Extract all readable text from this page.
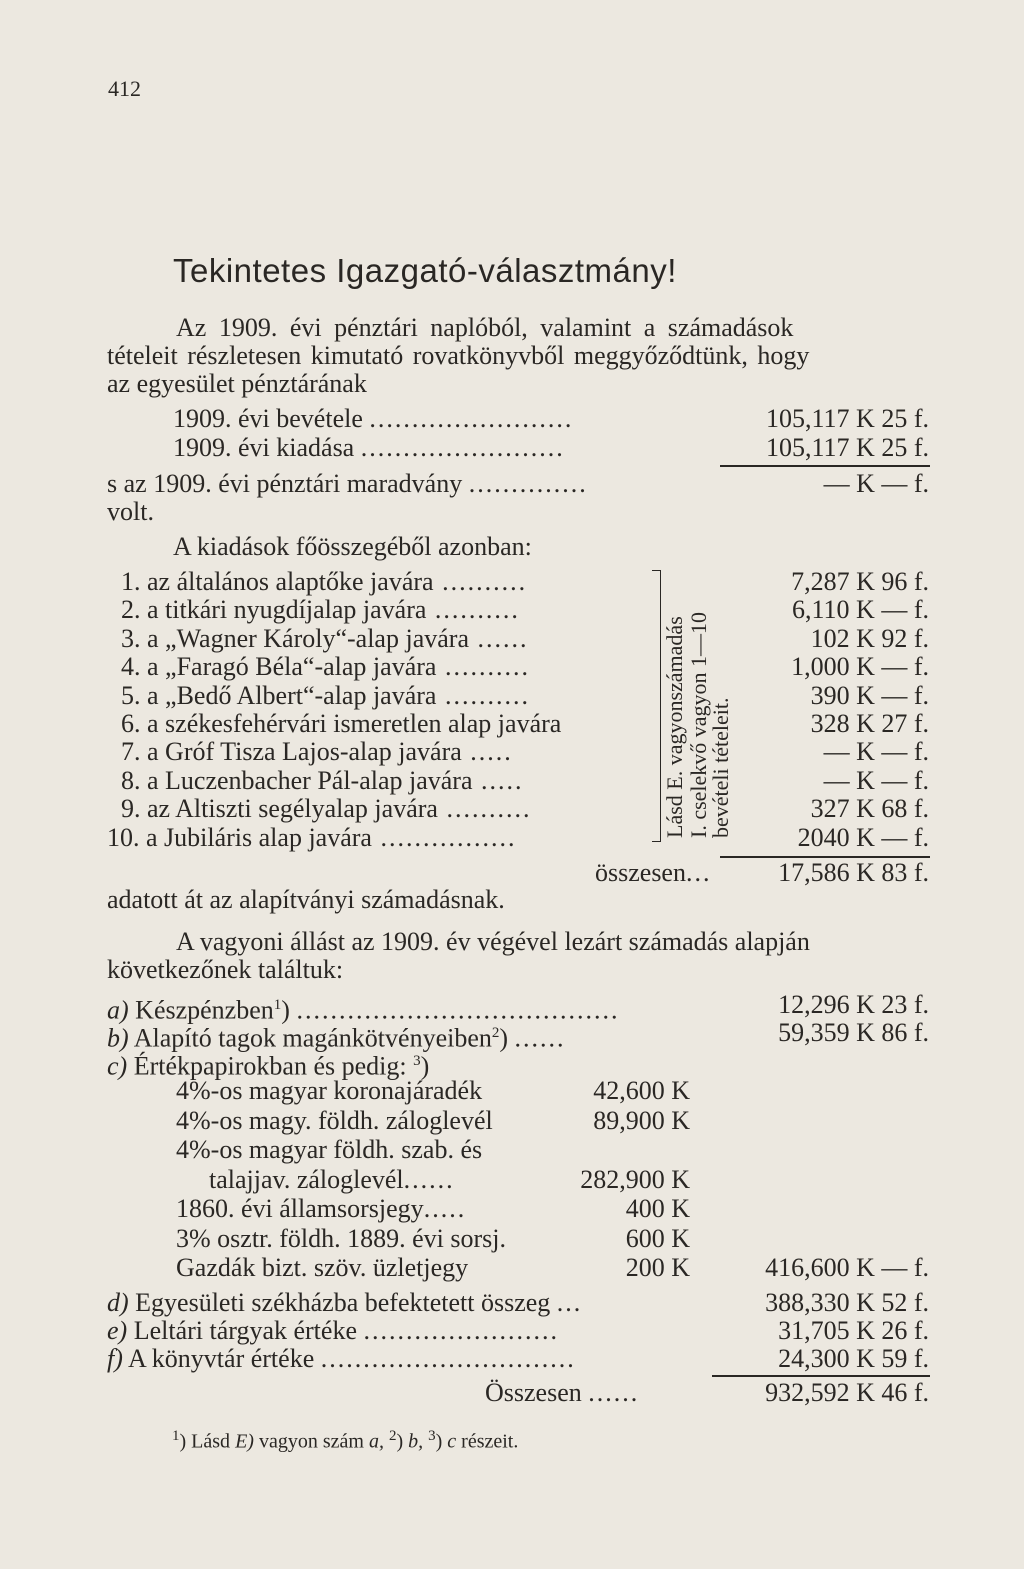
412
Tekintetes Igazgató-választmány!
Az 1909. évi pénztári naplóból, valamint a számadások
tételeit részletesen kimutató rovatkönyvből meggyőződtünk, hogy
az egyesület pénztárának
1909. évi bevétele ........................	105,117 K 25 f.
1909. évi kiadása ........................	105,117 K 25 f.
s az 1909. évi pénztári maradvány ..............	— K — f.
volt.
A kiadások főösszegéből azonban:
1. az általános alaptőke javára ..........	7,287 K 96 f.
2. a titkári nyugdíjalap javára ..........	6,110 K — f.
3. a „Wagner Károly“-alap javára ......	102 K 92 f.
4. a „Faragó Béla“-alap javára ..........	1,000 K — f.
5. a „Bedő Albert“-alap javára ..........	390 K — f.
6. a székesfehérvári ismeretlen alap javára	328 K 27 f.
7. a Gróf Tisza Lajos-alap javára .....	— K — f.
8. a Luczenbacher Pál-alap javára .....	— K — f.
9. az Altiszti segélyalap javára ..........	327 K 68 f.
10. a Jubiláris alap javára ................	2040 K — f.
Lásd E. vagyonszámadás I. cselekvő vagyon 1—10
bevételi tételeit.
összesen...	17,586 K 83 f.
adatott át az alapítványi számadásnak.
A vagyoni állást az 1909. év végével lezárt számadás alapján
következőnek találtuk:
a) Készpénzben$^1$) ......................................	12,296 K 23 f.
b) Alapító tagok magánkötvényeiben$^2$) ......	59,359 K 86 f.
c) Értékpapirokban és pedig: $^3$)
4%-os magyar koronajáradék	42,600 K
4%-os magy. földh. záloglevél	89,900 K
4%-os magyar földh. szab. és
talajjav. záloglevél......	282,900 K
1860. évi államsorsjegy.....	400 K
3% osztr. földh. 1889. évi sorsj.	600 K
Gazdák bizt. szöv. üzletjegy	200 K	416,600 K — f.
d) Egyesületi székházba befektetett összeg ...	388,330 K 52 f.
e) Leltári tárgyak értéke .......................	31,705 K 26 f.
f) A könyvtár értéke ..............................	24,300 K 59 f.
Összesen ......	932,592 K 46 f.
$^1$) Lásd E) vagyon szám a, $^2$) b, $^3$) c részeit.
